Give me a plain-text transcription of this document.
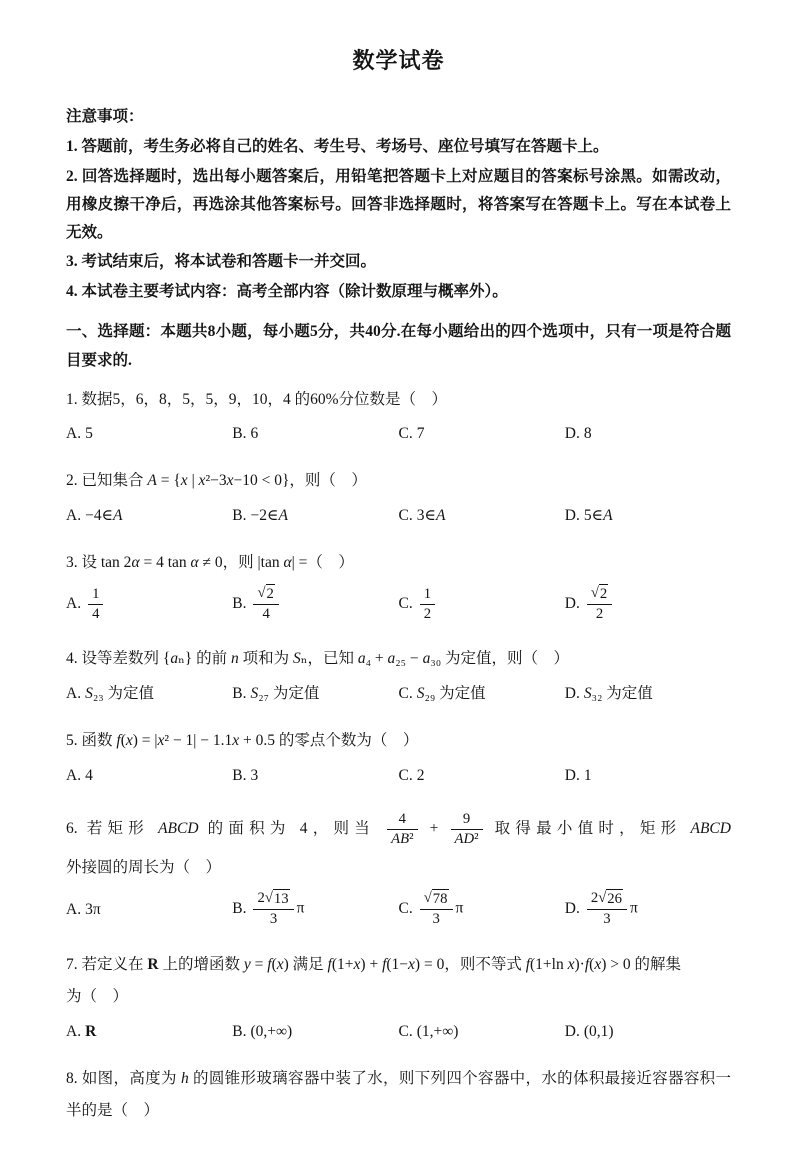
数学试卷
注意事项：
1. 答题前，考生务必将自己的姓名、考生号、考场号、座位号填写在答题卡上。
2. 回答选择题时，选出每小题答案后，用铅笔把答题卡上对应题目的答案标号涂黑。如需改动，用橡皮擦干净后，再选涂其他答案标号。回答非选择题时，将答案写在答题卡上。写在本试卷上无效。
3. 考试结束后，将本试卷和答题卡一并交回。
4. 本试卷主要考试内容：高考全部内容（除计数原理与概率外）。
一、选择题：本题共8小题，每小题5分，共40分.在每小题给出的四个选项中，只有一项是符合题目要求的.
1. 数据5，6，8，5，5，9，10，4 的60%分位数是（　）
A. 5	B. 6	C. 7	D. 8
2. 已知集合 A = {x | x²−3x−10 < 0}，则（　）
A. −4∈A	B. −2∈A	C. 3∈A	D. 5∈A
3. 设 tan 2α = 4 tan α ≠ 0，则 |tan α| =（　）
A. $\frac{1}{4}$	B. $\frac{√ 2}{4}$	C. $\frac{1}{2}$	D. $\frac{√ 2}{2}$
4. 设等差数列 {aₙ} 的前 n 项和为 Sₙ，已知 a₄ + a₂₅ − a₃₀ 为定值，则（　）
A. S₂₃ 为定值	B. S₂₇ 为定值	C. S₂₉ 为定值	D. S₃₂ 为定值
5. 函数 f(x) = |x² − 1| − 1.1x + 0.5 的零点个数为（　）
A. 4	B. 3	C. 2	D. 1
6. 若矩形 ABCD 的面积为 4，则当 $\frac{4}{\text{AB²}} + \frac{9}{\text{AD²}}$ 取得最小值时，矩形 ABCD 外接圆的周长为（　）
A. 3π	B. $\frac{2√ 13}{3}$ π	C. $\frac{√ 78}{3}$ π	D. $\frac{2√ 26}{3}$ π
7. 若定义在 R 上的增函数 y = f(x) 满足 f(1+x) + f(1−x) = 0，则不等式 f(1+ln x)·f(x) > 0 的解集
为（　）
A. R	B. (0,+∞)	C. (1,+∞)	D. (0,1)
8. 如图，高度为 h 的圆锥形玻璃容器中装了水，则下列四个容器中，水的体积最接近容器容积一半的是（　）
